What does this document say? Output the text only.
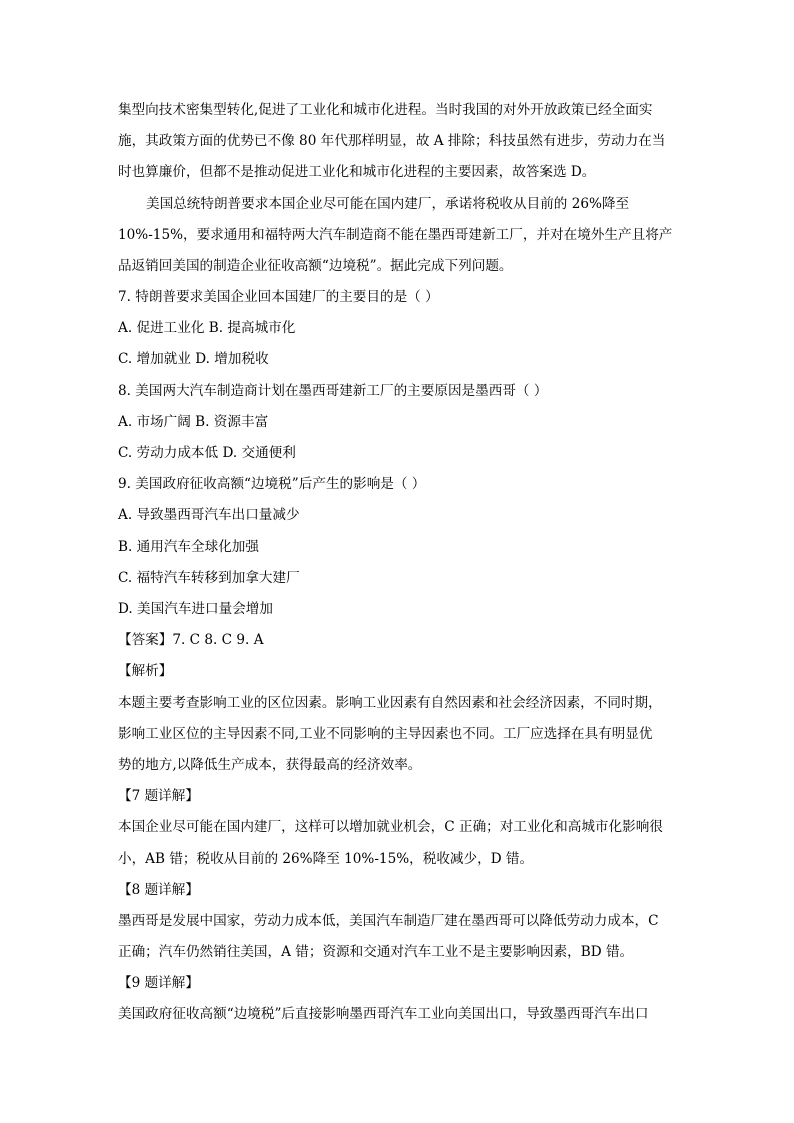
集型向技术密集型转化,促进了工业化和城市化进程。当时我国的对外开放政策已经全面实
施，其政策方面的优势已不像 80 年代那样明显，故 A 排除；科技虽然有进步，劳动力在当
时也算廉价，但都不是推动促进工业化和城市化进程的主要因素，故答案选 D。
美国总统特朗普要求本国企业尽可能在国内建厂，承诺将税收从目前的 26%降至
10%-15%，要求通用和福特两大汽车制造商不能在墨西哥建新工厂，并对在境外生产且将产
品返销回美国的制造企业征收高额“边境税”。据此完成下列问题。
7. 特朗普要求美国企业回本国建厂的主要目的是（ ）
A. 促进工业化 B. 提高城市化
C. 增加就业 D. 增加税收
8. 美国两大汽车制造商计划在墨西哥建新工厂的主要原因是墨西哥（ ）
A. 市场广阔 B. 资源丰富
C. 劳动力成本低 D. 交通便利
9. 美国政府征收高额“边境税”后产生的影响是（ ）
A. 导致墨西哥汽车出口量减少
B. 通用汽车全球化加强
C. 福特汽车转移到加拿大建厂
D. 美国汽车进口量会增加
【答案】7. C 8. C 9. A
【解析】
本题主要考查影响工业的区位因素。影响工业因素有自然因素和社会经济因素，不同时期，
影响工业区位的主导因素不同,工业不同影响的主导因素也不同。工厂应选择在具有明显优
势的地方,以降低生产成本，获得最高的经济效率。
【7 题详解】
本国企业尽可能在国内建厂，这样可以增加就业机会，C 正确；对工业化和高城市化影响很
小，AB 错；税收从目前的 26%降至 10%-15%，税收减少，D 错。
【8 题详解】
墨西哥是发展中国家，劳动力成本低，美国汽车制造厂建在墨西哥可以降低劳动力成本，C
正确；汽车仍然销往美国，A 错；资源和交通对汽车工业不是主要影响因素，BD 错。
【9 题详解】
美国政府征收高额“边境税”后直接影响墨西哥汽车工业向美国出口，导致墨西哥汽车出口
